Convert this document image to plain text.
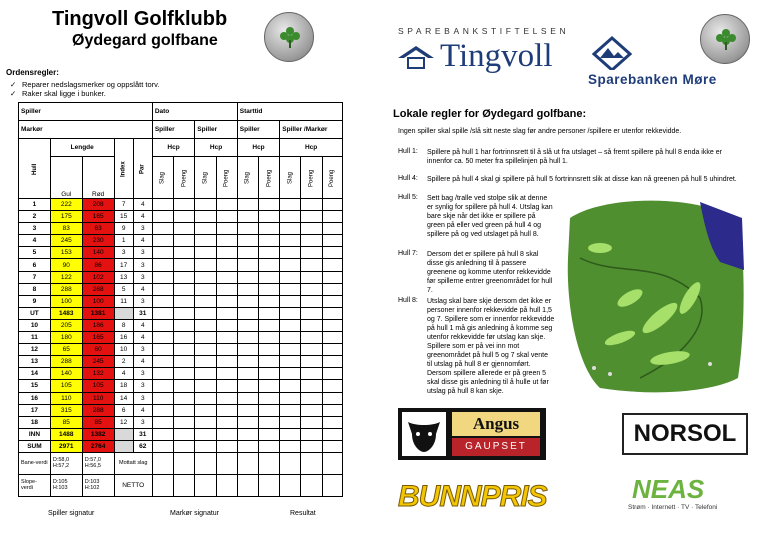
Tingvoll Golfklubb
Øydegard golfbane
Ordensregler:
✓ Reparer nedslagsmerker og oppslått torv.
✓ Raker skal ligge i bunker.
Spiller					Dato				Starttid				
Markør					Spiller		Spiller		Spiller		Spiller /Markør		
Hull	Lengde		Index	Par	Hcp		Hcp		Hcp		Hcp		
	Gul	Rød			Slag	Poeng	Slag	Poeng	Slag	Poeng	Slag	Poeng	Poeng
1	222	208	7	4									
2	175	165	15	4									
3	83	63	9	3									
4	245	230	1	4									
5	153	140	3	3									
6	90	86	17	3									
7	122	102	13	3									
8	288	268	5	4									
9	100	100	11	3									
UT	1483	1381		31									
10	205	186	8	4									
11	180	165	16	4									
12	65	60	10	3									
13	288	245	2	4									
14	140	132	4	3									
15	105	105	18	3									
16	110	110	14	3									
17	315	288	6	4									
18	85	85	12	3									
INN	1488	1382		31									
SUM	2971	2764		62									
Bane-verdi	D:58,0 H:57,2	D:57,0 H:56,5	Mottatt slag										
Slope-verdi	D:105 H:103	D:103 H:102	NETTO										
Spiller signatur	Markør signatur	Resultat
SPAREBANKSTIFTELSEN
Tingvoll
Sparebanken Møre
Lokale regler for Øydegard golfbane:
Ingen spiller skal spille /slå sitt neste slag før andre personer /spillere er utenfor rekkevidde.
Hull 1: Spillere på hull 1 har fortrinnsrett til å slå ut fra utslaget – så fremt spillere på hull 8 enda ikke er innenfor ca. 50 meter fra spillelinjen på hull 1.
Hull 4: Spillere på hull 4 skal gi spillere på hull 5 fortrinnsrett slik at disse kan nå greenen på hull 5 uhindret.
Hull 5: Sett bag /tralle ved stolpe slik at denne er synlig for spillere på hull 4. Utslag kan bare skje når det ikke er spillere på green på eller ved green på hull 4 og spillere på og ved utslaget på hull 8.
Hull 7: Dersom det er spillere på hull 8 skal disse gis anledning til å passere greenene og komme utenfor rekkevidde før spillerne entrer greenområdet for hull 7.
Hull 8: Utslag skal bare skje dersom det ikke er personer innenfor rekkevidde på hull 1,5 og 7. Spillere som er innenfor rekkevidde på hull 1 må gis anledning å komme seg utenfor rekkevidde før utslag kan skje. Spillere som er på vei inn mot greenområdet på hull 5 og 7 skal vente til utslag på hull 8 er gjennomført. Dersom spillere allerede er på green 5 skal disse gis anledning til å hulle ut før utslag på hull 8 kan skje.
Angus
GAUPSET	NORSOL
BUNNPRIS	NEAS
Strøm · Internett · TV · Telefoni
